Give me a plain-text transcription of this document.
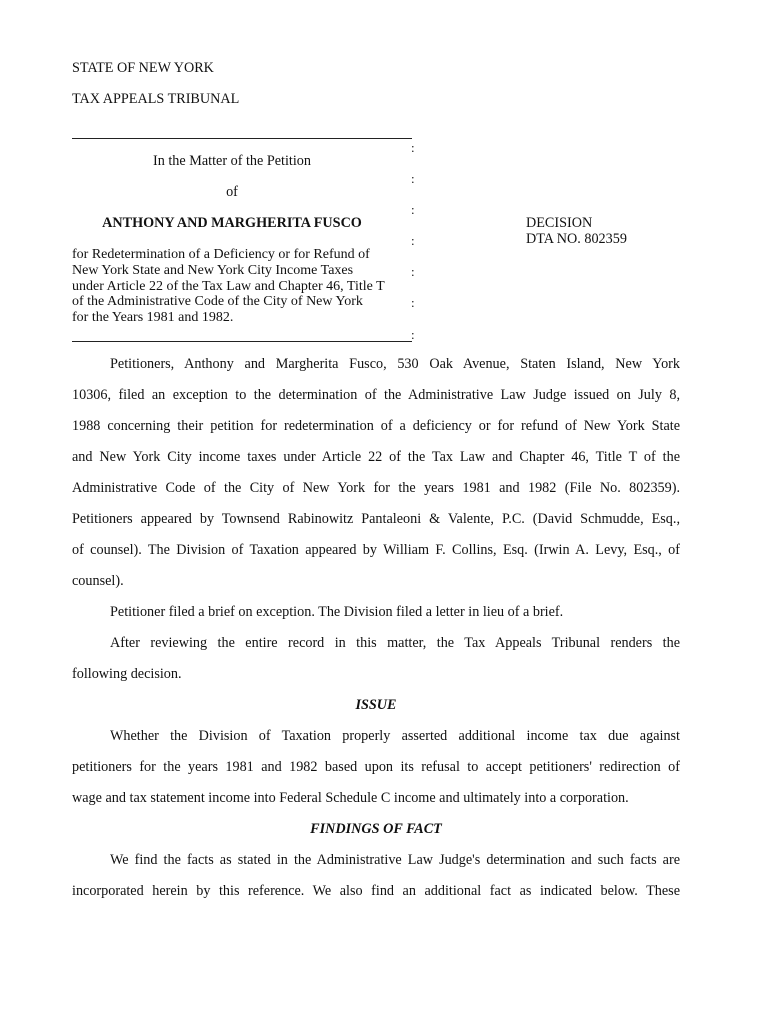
STATE OF NEW YORK
TAX APPEALS TRIBUNAL
:
:
:
:
:
:
:
In the Matter of the Petition
of
ANTHONY AND MARGHERITA FUSCO
for Redetermination of a Deficiency or for Refund of
New York State and New York City Income Taxes
under Article 22 of the Tax Law and Chapter 46, Title T
of the Administrative Code of the City of New York
for the Years 1981 and 1982.
DECISION
DTA NO. 802359
Petitioners, Anthony and Margherita Fusco, 530 Oak Avenue, Staten Island, New York
10306, filed an exception to the determination of the Administrative Law Judge issued on July 8,
1988 concerning their petition for redetermination of a deficiency or for refund of New York State
and New York City income taxes under Article 22 of the Tax Law and Chapter 46, Title T of the
Administrative Code of the City of New York for the years 1981 and 1982 (File No. 802359).
Petitioners appeared by Townsend Rabinowitz Pantaleoni & Valente, P.C. (David Schmudde, Esq.,
of counsel). The Division of Taxation appeared by William F. Collins, Esq. (Irwin A. Levy, Esq., of
counsel).
Petitioner filed a brief on exception. The Division filed a letter in lieu of a brief.
After reviewing the entire record in this matter, the Tax Appeals Tribunal renders the
following decision.
ISSUE
Whether the Division of Taxation properly asserted additional income tax due against
petitioners for the years 1981 and 1982 based upon its refusal to accept petitioners' redirection of
wage and tax statement income into Federal Schedule C income and ultimately into a corporation.
FINDINGS OF FACT
We find the facts as stated in the Administrative Law Judge's determination and such facts are
incorporated herein by this reference. We also find an additional fact as indicated below. These
